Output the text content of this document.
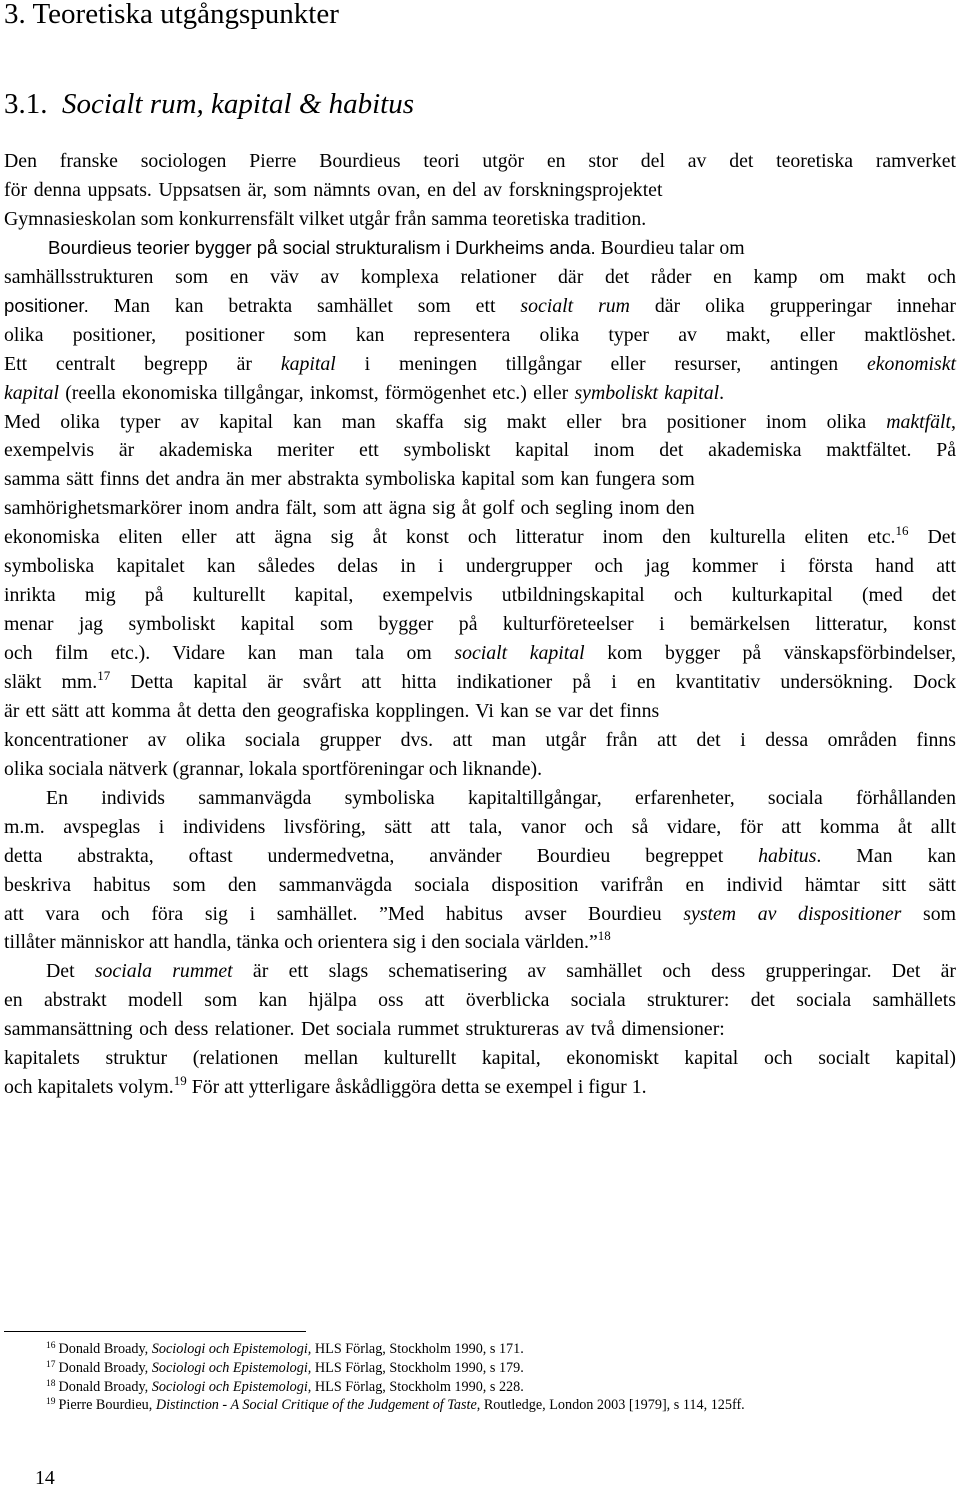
3. Teoretiska utgångspunkter
3.1. Socialt rum, kapital & habitus
Den franske sociologen Pierre Bourdieus teori utgör en stor del av det teoretiska ramverket
för denna uppsats. Uppsatsen är, som nämnts ovan, en del av forskningsprojektet
Gymnasieskolan som konkurrensfält vilket utgår från samma teoretiska tradition.
Bourdieus teorier bygger på social strukturalism i Durkheims anda. Bourdieu talar om
samhällsstrukturen som en väv av komplexa relationer där det råder en kamp om makt och
positioner. Man kan betrakta samhället som ett socialt rum där olika grupperingar innehar
olika positioner, positioner som kan representera olika typer av makt, eller maktlöshet.
Ett centralt begrepp är kapital i meningen tillgångar eller resurser, antingen ekonomiskt
kapital (reella ekonomiska tillgångar, inkomst, förmögenhet etc.) eller symboliskt kapital.
Med olika typer av kapital kan man skaffa sig makt eller bra positioner inom olika maktfält,
exempelvis är akademiska meriter ett symboliskt kapital inom det akademiska maktfältet. På
samma sätt finns det andra än mer abstrakta symboliska kapital som kan fungera som
samhörighetsmarkörer inom andra fält, som att ägna sig åt golf och segling inom den
ekonomiska eliten eller att ägna sig åt konst och litteratur inom den kulturella eliten etc.$^{16}$ Det
symboliska kapitalet kan således delas in i undergrupper och jag kommer i första hand att
inrikta mig på kulturellt kapital, exempelvis utbildningskapital och kulturkapital (med det
menar jag symboliskt kapital som bygger på kulturföreteelser i bemärkelsen litteratur, konst
och film etc.). Vidare kan man tala om socialt kapital kom bygger på vänskapsförbindelser,
släkt mm.$^{17}$ Detta kapital är svårt att hitta indikationer på i en kvantitativ undersökning. Dock
är ett sätt att komma åt detta den geografiska kopplingen. Vi kan se var det finns
koncentrationer av olika sociala grupper dvs. att man utgår från att det i dessa områden finns
olika sociala nätverk (grannar, lokala sportföreningar och liknande).
En individs sammanvägda symboliska kapitaltillgångar, erfarenheter, sociala förhållanden
m.m. avspeglas i individens livsföring, sätt att tala, vanor och så vidare, för att komma åt allt
detta abstrakta, oftast undermedvetna, använder Bourdieu begreppet habitus. Man kan
beskriva habitus som den sammanvägda sociala disposition varifrån en individ hämtar sitt sätt
att vara och föra sig i samhället. ”Med habitus avser Bourdieu system av dispositioner som
tillåter människor att handla, tänka och orientera sig i den sociala världen.”$^{18}$
Det sociala rummet är ett slags schematisering av samhället och dess grupperingar. Det är
en abstrakt modell som kan hjälpa oss att överblicka sociala strukturer: det sociala samhällets
sammansättning och dess relationer. Det sociala rummet struktureras av två dimensioner:
kapitalets struktur (relationen mellan kulturellt kapital, ekonomiskt kapital och socialt kapital)
och kapitalets volym.$^{19}$ För att ytterligare åskådliggöra detta se exempel i figur 1.
$^{16}$ Donald Broady, Sociologi och Epistemologi, HLS Förlag, Stockholm 1990, s 171.
$^{17}$ Donald Broady, Sociologi och Epistemologi, HLS Förlag, Stockholm 1990, s 179.
$^{18}$ Donald Broady, Sociologi och Epistemologi, HLS Förlag, Stockholm 1990, s 228.
$^{19}$ Pierre Bourdieu, Distinction - A Social Critique of the Judgement of Taste, Routledge, London 2003 [1979], s 114, 125ff.
14
